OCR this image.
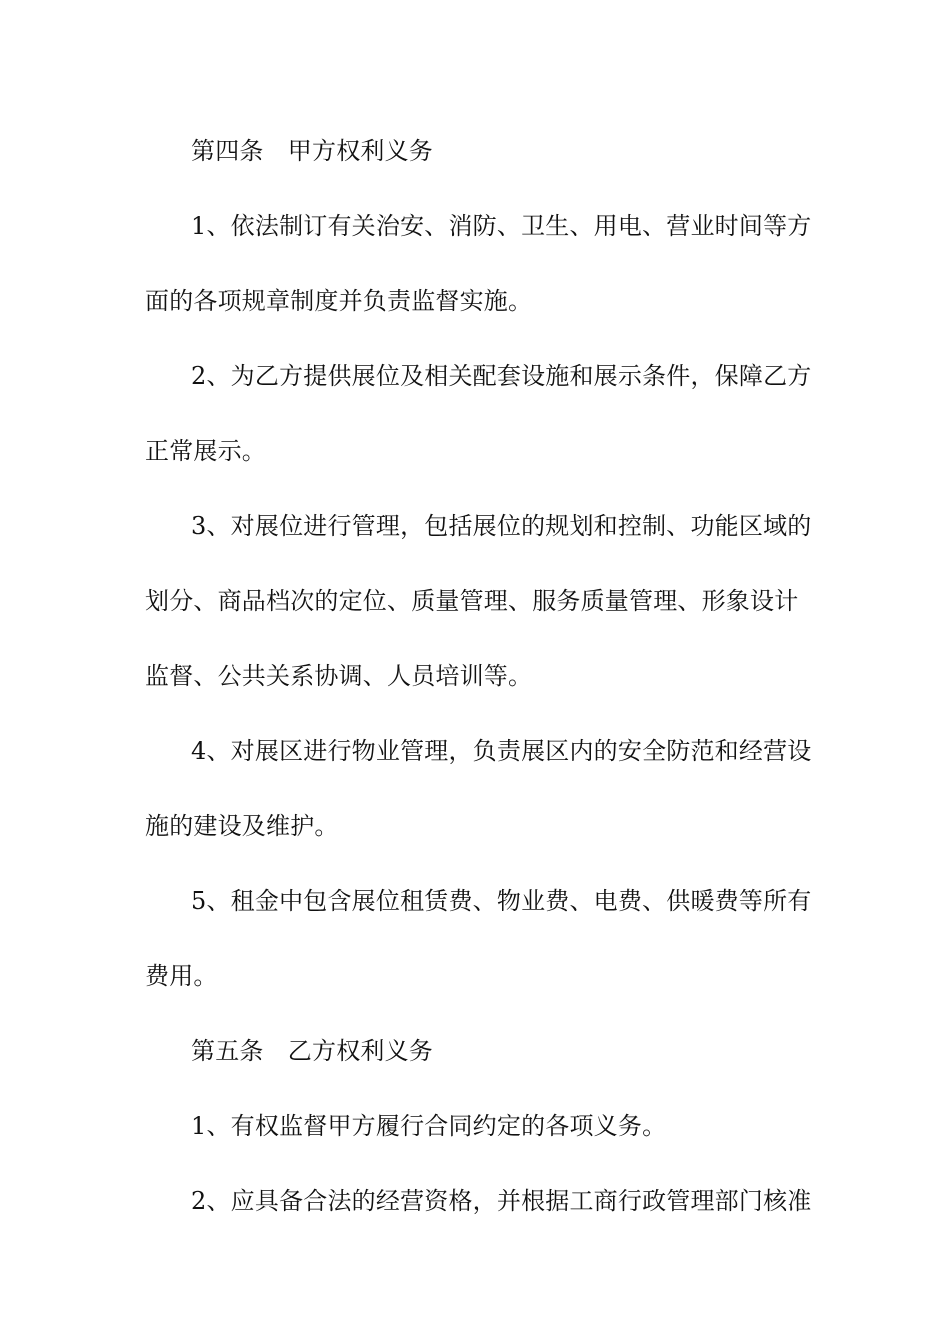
第四条　甲方权利义务
1、依法制订有关治安、消防、卫生、用电、营业时间等方
面的各项规章制度并负责监督实施。
2、为乙方提供展位及相关配套设施和展示条件，保障乙方
正常展示。
3、对展位进行管理，包括展位的规划和控制、功能区域的
划分、商品档次的定位、质量管理、服务质量管理、形象设计
监督、公共关系协调、人员培训等。
4、对展区进行物业管理，负责展区内的安全防范和经营设
施的建设及维护。
5、租金中包含展位租赁费、物业费、电费、供暖费等所有
费用。
第五条　乙方权利义务
1、有权监督甲方履行合同约定的各项义务。
2、应具备合法的经营资格，并根据工商行政管理部门核准
